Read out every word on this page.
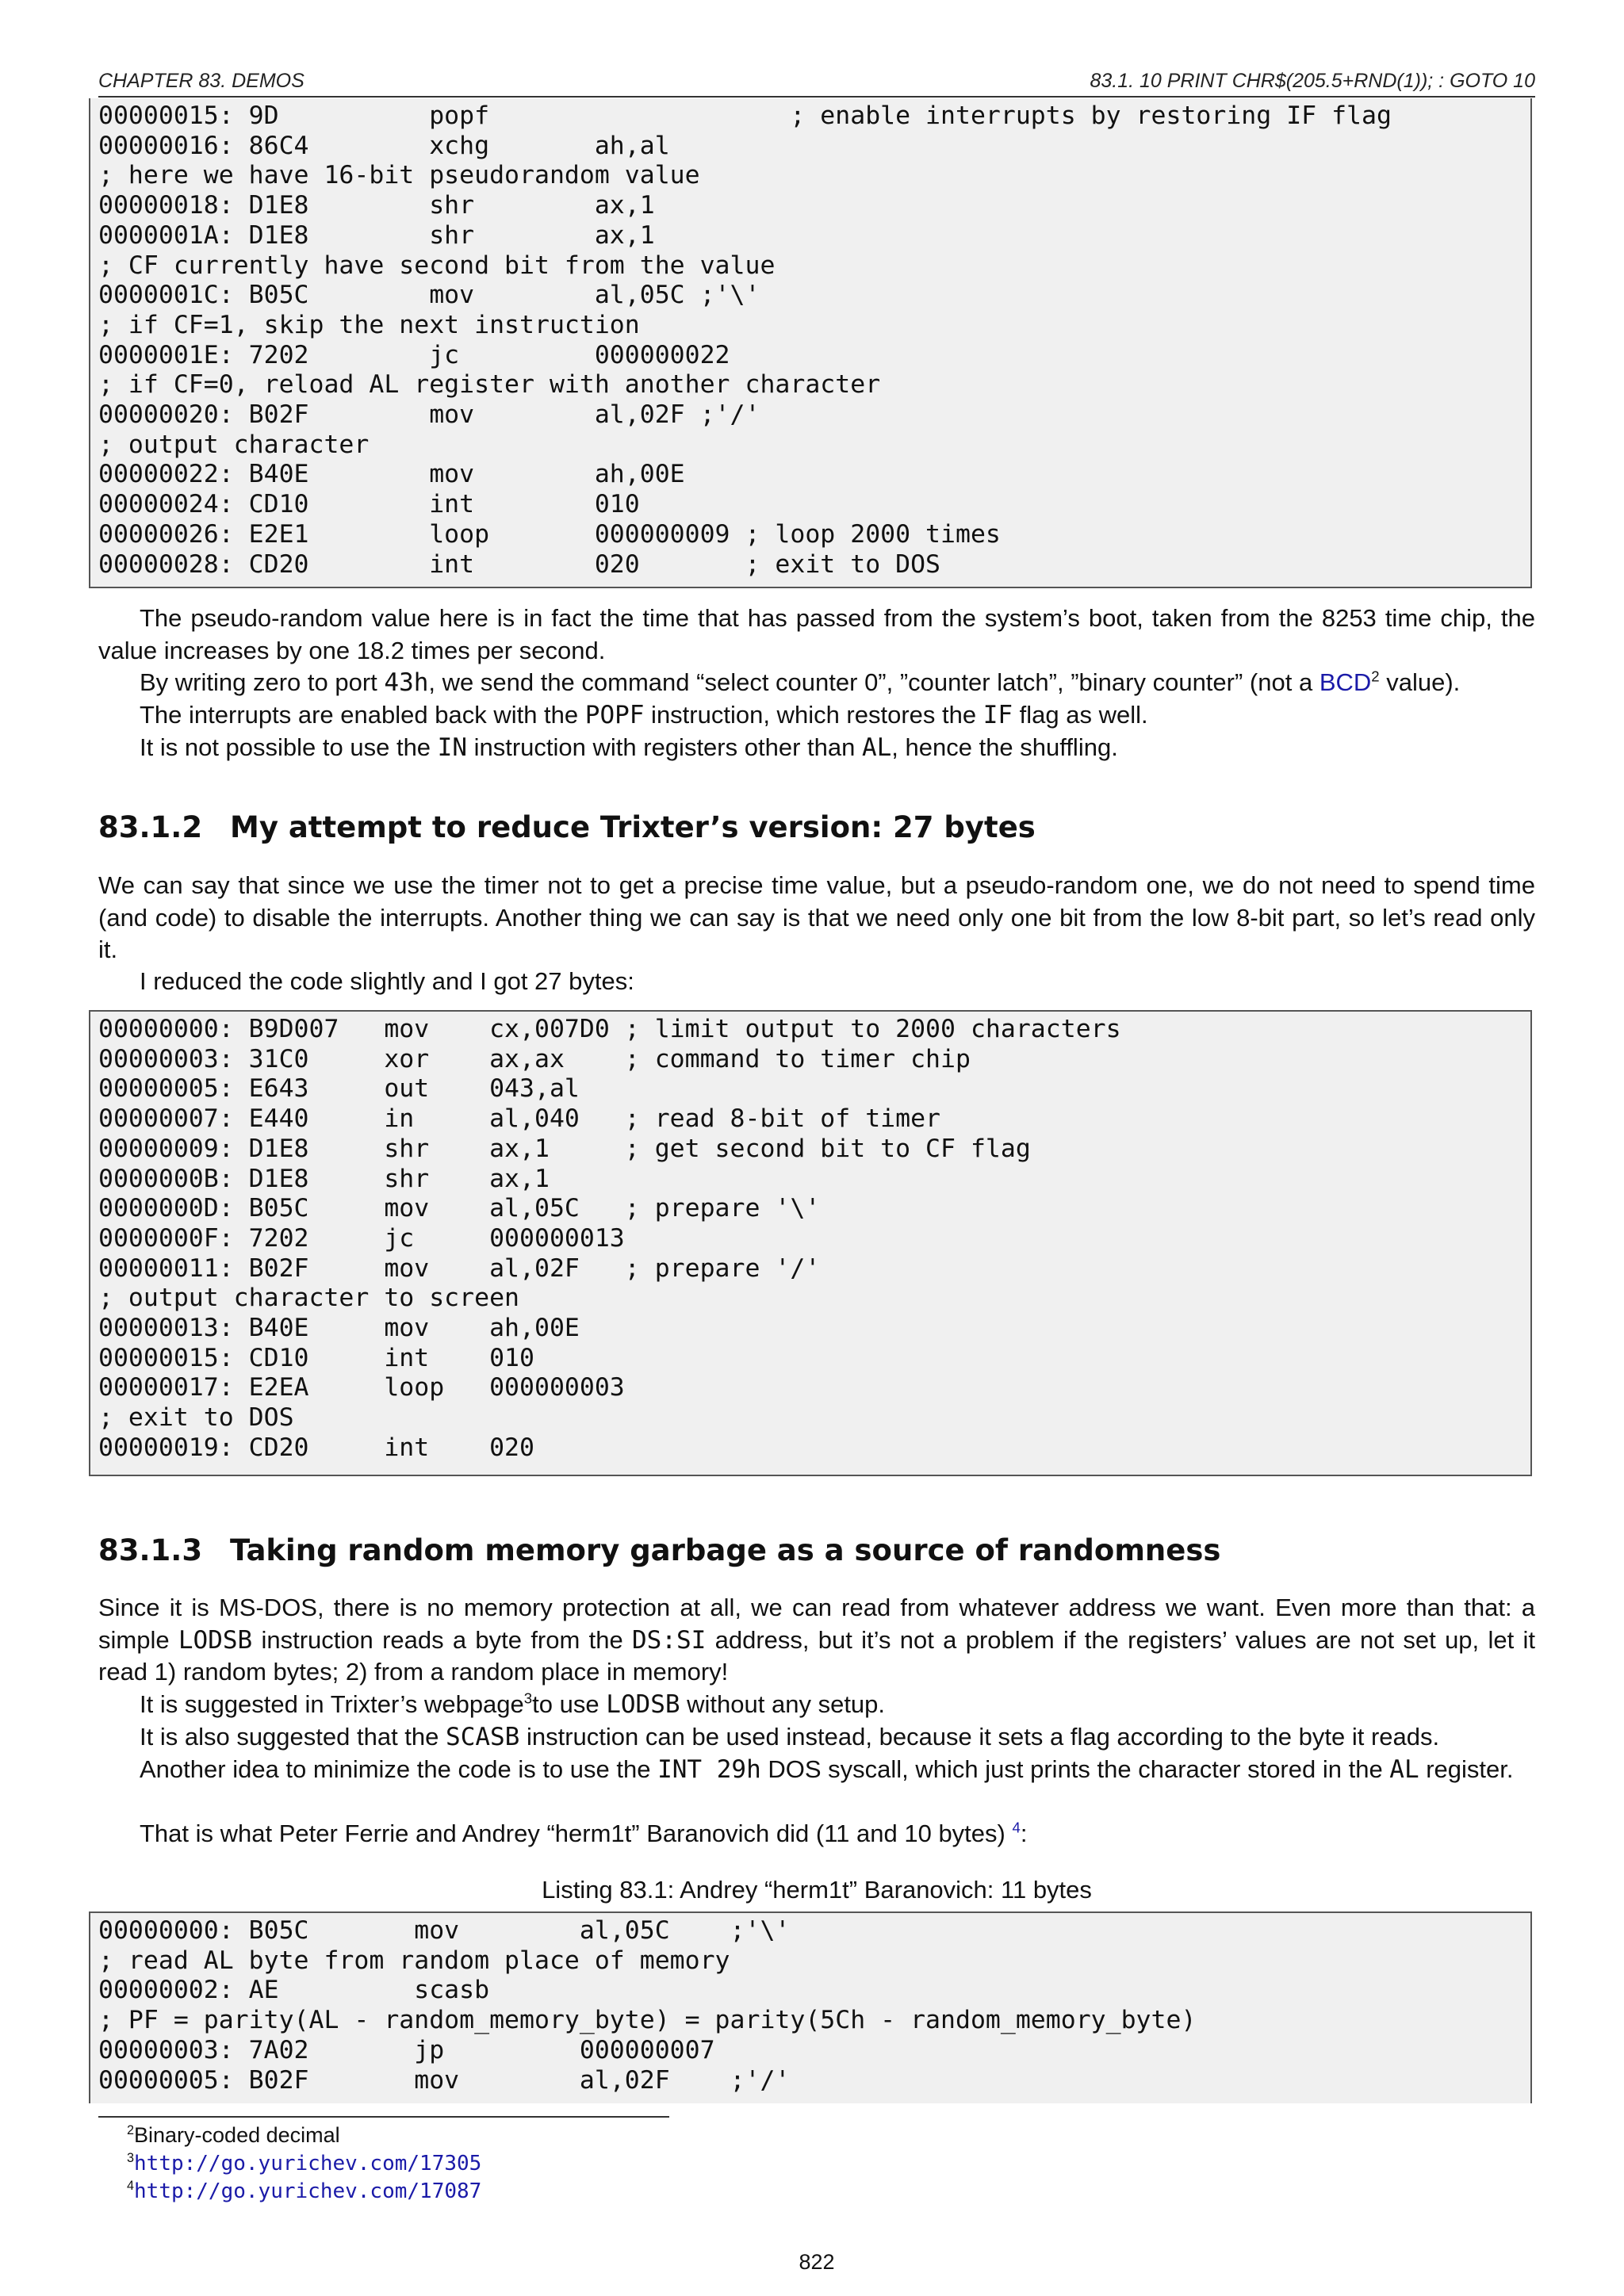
CHAPTER 83. DEMOS	83.1. 10 PRINT CHR$(205.5+RND(1)); : GOTO 10
00000015: 9D          popf                    ; enable interrupts by restoring IF flag
00000016: 86C4        xchg       ah,al
; here we have 16-bit pseudorandom value
00000018: D1E8        shr        ax,1
0000001A: D1E8        shr        ax,1
; CF currently have second bit from the value
0000001C: B05C        mov        al,05C ;'\'
; if CF=1, skip the next instruction
0000001E: 7202        jc         000000022
; if CF=0, reload AL register with another character
00000020: B02F        mov        al,02F ;'/'
; output character
00000022: B40E        mov        ah,00E
00000024: CD10        int        010
00000026: E2E1        loop       000000009 ; loop 2000 times
00000028: CD20        int        020       ; exit to DOS

The pseudo-random value here is in fact the time that has passed from the system’s boot, taken from the 8253 time chip, the value increases by one 18.2 times per second.

By writing zero to port 43h, we send the command “select counter 0”, ”counter latch”, ”binary counter” (not a BCD$^2$ value).

The interrupts are enabled back with the POPF instruction, which restores the IF flag as well.

It is not possible to use the IN instruction with registers other than AL, hence the shuffling.

83.1.2 My attempt to reduce Trixter’s version: 27 bytes

We can say that since we use the timer not to get a precise time value, but a pseudo-random one, we do not need to spend time (and code) to disable the interrupts. Another thing we can say is that we need only one bit from the low 8-bit part, so let’s read only it.

I reduced the code slightly and I got 27 bytes:

00000000: B9D007   mov    cx,007D0 ; limit output to 2000 characters
00000003: 31C0     xor    ax,ax    ; command to timer chip
00000005: E643     out    043,al
00000007: E440     in     al,040   ; read 8-bit of timer
00000009: D1E8     shr    ax,1     ; get second bit to CF flag
0000000B: D1E8     shr    ax,1
0000000D: B05C     mov    al,05C   ; prepare '\'
0000000F: 7202     jc     000000013
00000011: B02F     mov    al,02F   ; prepare '/'
; output character to screen
00000013: B40E     mov    ah,00E
00000015: CD10     int    010
00000017: E2EA     loop   000000003
; exit to DOS
00000019: CD20     int    020
83.1.3 Taking random memory garbage as a source of randomness

Since it is MS-DOS, there is no memory protection at all, we can read from whatever address we want. Even more than that: a simple LODSB instruction reads a byte from the DS:SI address, but it’s not a problem if the registers’ values are not set up, let it read 1) random bytes; 2) from a random place in memory!

It is suggested in Trixter’s webpage$^3$to use LODSB without any setup.

It is also suggested that the SCASB instruction can be used instead, because it sets a flag according to the byte it reads.

Another idea to minimize the code is to use the INT 29h DOS syscall, which just prints the character stored in the AL register.

That is what Peter Ferrie and Andrey “herm1t” Baranovich did (11 and 10 bytes) $^4$:

Listing 83.1: Andrey “herm1t” Baranovich: 11 bytes
00000000: B05C       mov        al,05C    ;'\'
; read AL byte from random place of memory
00000002: AE         scasb
; PF = parity(AL - random_memory_byte) = parity(5Ch - random_memory_byte)
00000003: 7A02       jp         000000007
00000005: B02F       mov        al,02F    ;'/'
$^2$Binary-coded decimal
$^3$http://go.yurichev.com/17305
$^4$http://go.yurichev.com/17087
822
